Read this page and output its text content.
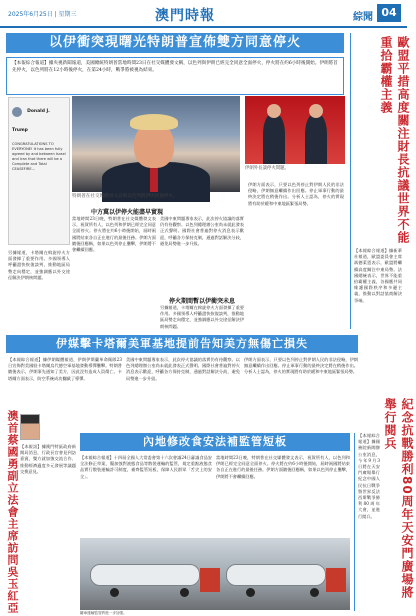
2025年6月25日 | 星期三	澳門時報	綜聞 04
以伊衝突現曙光特朗普宣佈雙方同意停火
【本報綜合報道】據央視新聞報道，美國總統特朗普當地時間23日在社交媒體發文稱，以色列與伊朗已經完全同意全面停火，停火將在約6小時後開始。伊朗將首先停火，以色列將在12小時後停火，在第24小時，戰爭將被視為結束。
Donald J. Trump
CONGRATULATIONS TO EVERYONE! It has been fully agreed by and between Israel and Iran that there will be a Complete and Total CEASEFIRE...
特朗普在社交媒體發文宣佈以色列與伊朗同意停火。
伊朗外長談停火問題。
中方冀以伊停火能盡早實現
當地時間23日晚，特朗普在社交媒體發文表示，祝賀所有人，以色列和伊朗已經完全同意全面停火。停火將在約6小時後開始，屆時兩國將結束各自正在進行的最後任務。伊朗方面隨後回應稱，如果以色列停止襲擊，伊朗將不會繼續回應。
美國中東問題專家表示，此次停火協議的落實仍有待觀察。以色列總理辦公室尚未就此發表正式聲明。國際社會普遍對停火消息表示歡迎，呼籲各方保持克制，通過對話解決分歧，避免局勢進一步升級。
停火期間暫以伊衝突未息
另據報道，卡塔爾在斡旋停火方面發揮了重要作用。多國領導人呼籲盡快恢復談判，推動地區局勢走向穩定，並強調應以外交途徑解決伊朗核問題。
伊朗方面表示，只要以色列停止對伊朗人民的非法侵略，伊朗無意繼續作出回應。停止軍事行動的最終決定將在稍後作出。分析人士認為，停火的實現將有助於緩和中東地區緊張局勢。
另據報道，卡塔爾在斡旋停火方面發揮了重要作用。多國領導人呼籲盡快恢復談判，推動地區局勢走向穩定，並強調應以外交途徑解決伊朗核問題。
歐盟平措高度關注財長抗議世界不能重拾霸權主義
【本報綜合報道】據新華社報道，歐盟委員會主席馮德萊恩表示，歐盟將繼續高度關注中東局勢。法國總統表示，世界不能重拾霸權主義，各國應共同維護國際秩序和多邊主義，推動以對話協商解決爭端。
伊媒擊卡塔爾美軍基地提前告知美方無傷亡損失
【本報綜合報道】據伊朗媒體報道，伊朗伊斯蘭革命衛隊23日宣佈對美國駐卡塔爾烏代德空軍基地發動導彈襲擊。特朗普隨後表示，伊朗事先通知了美方，因此沒有造成人員傷亡。卡塔爾方面表示，防空系統成功攔截了導彈。
美國中東問題專家表示，此次停火協議的落實仍有待觀察。以色列總理辦公室尚未就此發表正式聲明。國際社會普遍對停火消息表示歡迎，呼籲各方保持克制，通過對話解決分歧，避免局勢進一步升級。
伊朗方面表示，只要以色列停止對伊朗人民的非法侵略，伊朗無意繼續作出回應。停止軍事行動的最終決定將在稍後作出。分析人士認為，停火的實現將有助於緩和中東地區緊張局勢。
澳首蔡國勇副立法會主席訪問吳玉紅亞 【本報訊】據澳門特區政府新聞局消息，行政長官會見到訪嘉賓，雙方就加強交流合作、推動經濟適度多元發展等議題交換意見。
內地修改食安法補監管短板
【本報綜合報道】十四屆全國人大常委會第十六次會議24日審議食品安全法修正草案，擬加強對液態食品等散裝運輸的監管，規定重點液態食品實行散裝運輸許可制度，補齊監管短板，保障人民群眾「舌尖上的安全」。
當地時間23日晚，特朗普在社交媒體發文表示，祝賀所有人，以色列和伊朗已經完全同意全面停火。停火將在約6小時後開始，屆時兩國將結束各自正在進行的最後任務。伊朗方面隨後回應稱，如果以色列停止襲擊，伊朗將不會繼續回應。
罐車運輸監管將進一步加強。
【本報綜合報道】據國務院新聞辦公室消息，今年9月3日將在天安門廣場舉行紀念中國人民抗日戰爭暨世界反法西斯戰爭勝利80周年大會，並進行閱兵。	紀念抗戰勝利80周年天安門廣場將舉行閱兵
